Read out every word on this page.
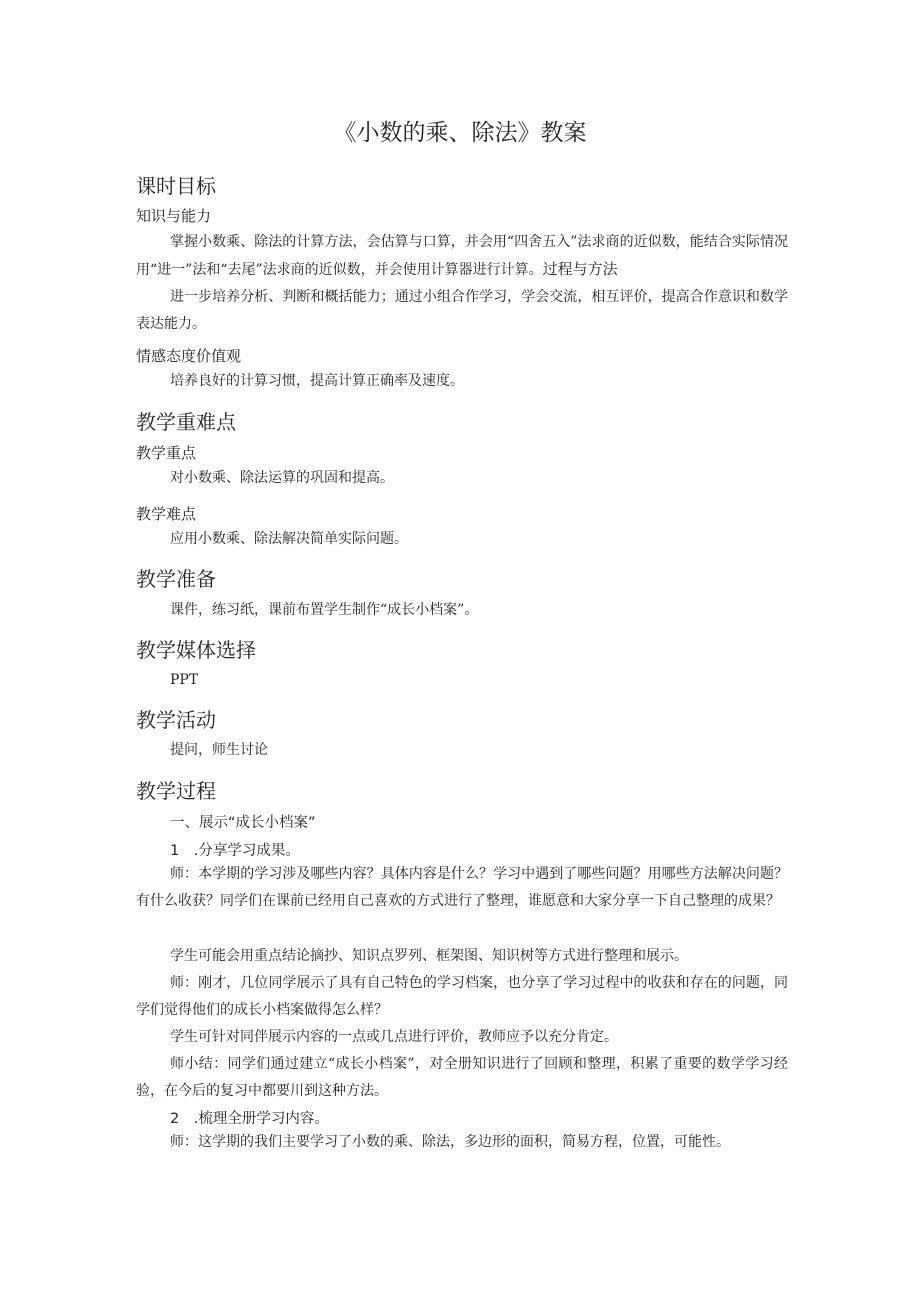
《小数的乘、除法》教案
课时目标
知识与能力
掌握小数乘、除法的计算方法，会估算与口算，并会用“四舍五入”法求商的近似数，能结合实际情况用“进一”法和“去尾”法求商的近似数，并会使用计算器进行计算。过程与方法
进一步培养分析、判断和概括能力；通过小组合作学习，学会交流，相互评价，提高合作意识和数学表达能力。
情感态度价值观
培养良好的计算习惯，提高计算正确率及速度。
教学重难点
教学重点
对小数乘、除法运算的巩固和提高。
教学难点
应用小数乘、除法解决简单实际问题。
教学准备
课件，练习纸，课前布置学生制作“成长小档案”。
教学媒体选择
PPT
教学活动
提问，师生讨论
教学过程
一、展示“成长小档案”
1　.分享学习成果。
师：本学期的学习涉及哪些内容？具体内容是什么？学习中遇到了哪些问题？用哪些方法解决问题？有什么收获？同学们在课前已经用自己喜欢的方式进行了整理，谁愿意和大家分享一下自己整理的成果？
学生可能会用重点结论摘抄、知识点罗列、框架图、知识树等方式进行整理和展示。
师：刚才，几位同学展示了具有自己特色的学习档案，也分享了学习过程中的收获和存在的问题，同学们觉得他们的成长小档案做得怎么样？
学生可针对同伴展示内容的一点或几点进行评价，教师应予以充分肯定。
师小结：同学们通过建立“成长小档案”，对全册知识进行了回顾和整理，积累了重要的数学学习经验，在今后的复习中都要川到这种方法。
2　.梳理全册学习内容。
师：这学期的我们主要学习了小数的乘、除法，多边形的面积，简易方程，位置，可能性。
